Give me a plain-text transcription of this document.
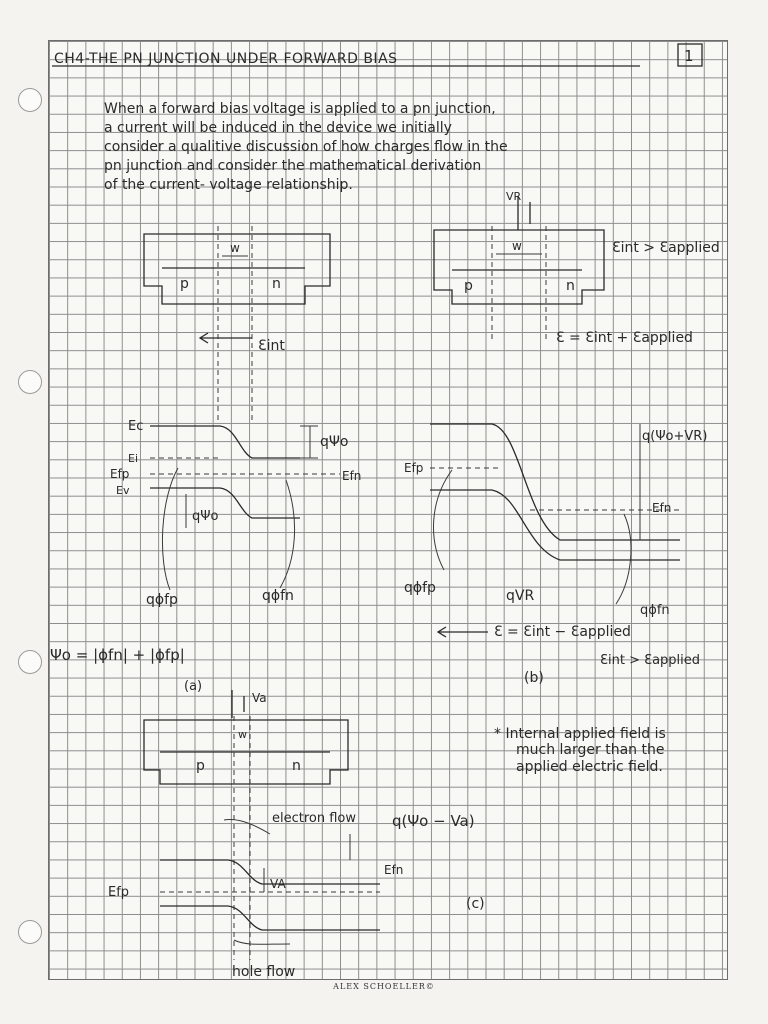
CH4-THE PN JUNCTION UNDER FORWARD BIAS	1
When a forward bias voltage is applied to a pn junction,
a current will be induced in the device we initially
consider a qualitive discussion of how charges flow in the
pn junction and consider the mathematical derivation
of the current- voltage relationship.
w
p	n
Ɛint
qΨo
Ec
Ei
Efp
Ev
Efn
qΨo
qϕfp	qϕfn
Ψo = |ϕfn| + |ϕfp|
(a)
VR
w
p	n
Ɛint > Ɛapplied
Ɛ = Ɛint + Ɛapplied
q(Ψo+VR)
Efp
Efn
qϕfp	qVR
qϕfn
Ɛ = Ɛint − Ɛapplied
Ɛint > Ɛapplied
(b)
* Internal applied field is
much larger than the
applied electric field.
Va
w
p	n
electron flow q(Ψo − Va)
VA
Efn
Efp
hole flow
(c)
ALEX SCHOELLER©
